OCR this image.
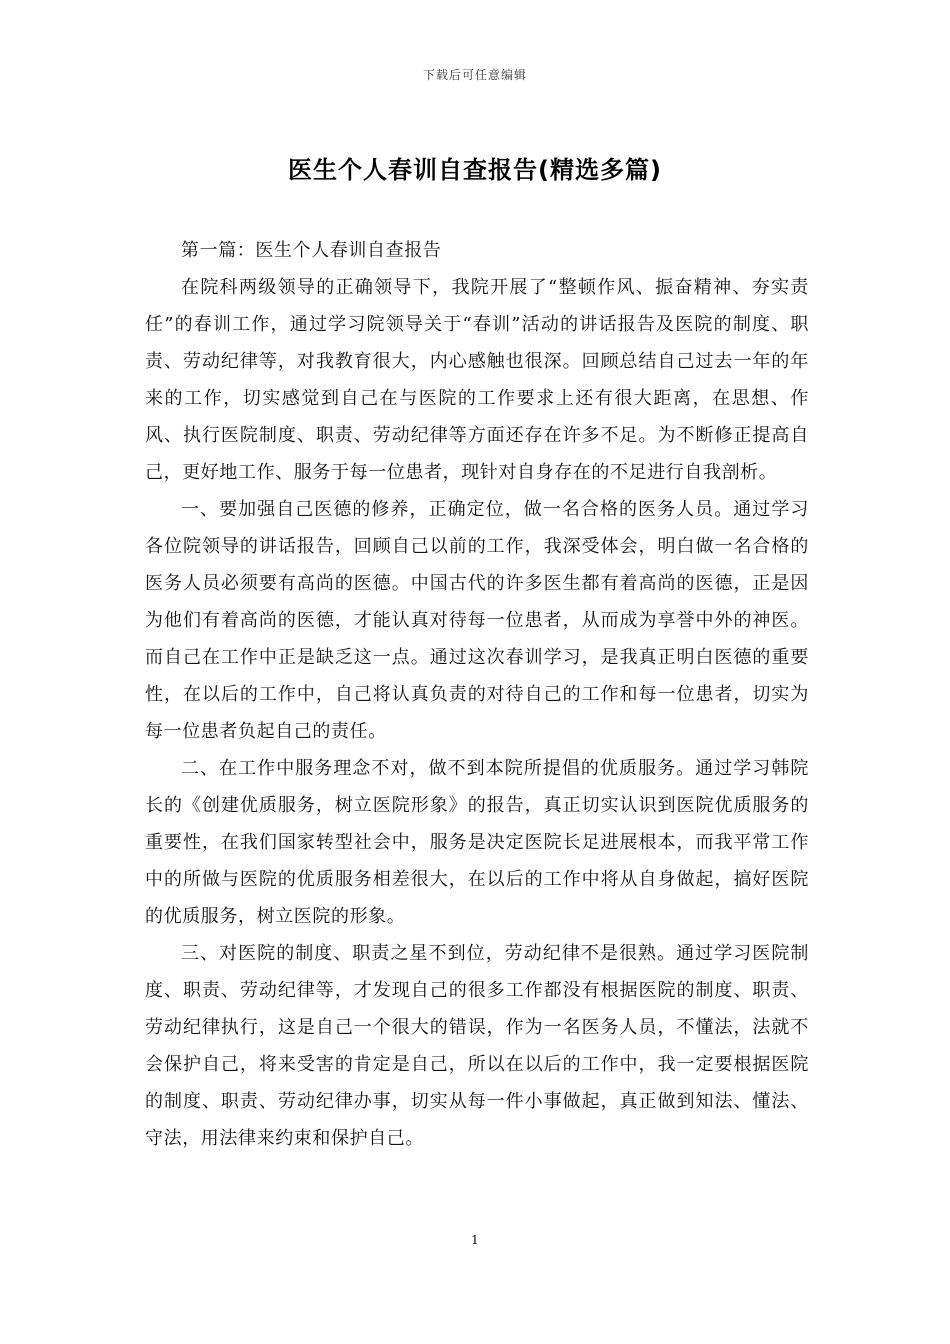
下载后可任意编辑
医生个人春训自查报告(精选多篇)

第一篇：医生个人春训自查报告

在院科两级领导的正确领导下，我院开展了“整顿作风、振奋精神、夯实责任”的春训工作，通过学习院领导关于“春训”活动的讲话报告及医院的制度、职责、劳动纪律等，对我教育很大，内心感触也很深。回顾总结自己过去一年的年来的工作，切实感觉到自己在与医院的工作要求上还有很大距离，在思想、作风、执行医院制度、职责、劳动纪律等方面还存在许多不足。为不断修正提高自己，更好地工作、服务于每一位患者，现针对自身存在的不足进行自我剖析。

一、要加强自己医德的修养，正确定位，做一名合格的医务人员。通过学习各位院领导的讲话报告，回顾自己以前的工作，我深受体会，明白做一名合格的医务人员必须要有高尚的医德。中国古代的许多医生都有着高尚的医德，正是因为他们有着高尚的医德，才能认真对待每一位患者，从而成为享誉中外的神医。而自己在工作中正是缺乏这一点。通过这次春训学习，是我真正明白医德的重要性，在以后的工作中，自己将认真负责的对待自己的工作和每一位患者，切实为每一位患者负起自己的责任。

二、在工作中服务理念不对，做不到本院所提倡的优质服务。通过学习韩院长的《创建优质服务，树立医院形象》的报告，真正切实认识到医院优质服务的重要性，在我们国家转型社会中，服务是决定医院长足进展根本，而我平常工作中的所做与医院的优质服务相差很大，在以后的工作中将从自身做起，搞好医院的优质服务，树立医院的形象。

三、对医院的制度、职责之星不到位，劳动纪律不是很熟。通过学习医院制度、职责、劳动纪律等，才发现自己的很多工作都没有根据医院的制度、职责、劳动纪律执行，这是自己一个很大的错误，作为一名医务人员，不懂法，法就不会保护自己，将来受害的肯定是自己，所以在以后的工作中，我一定要根据医院的制度、职责、劳动纪律办事，切实从每一件小事做起，真正做到知法、懂法、守法，用法律来约束和保护自己。

1
